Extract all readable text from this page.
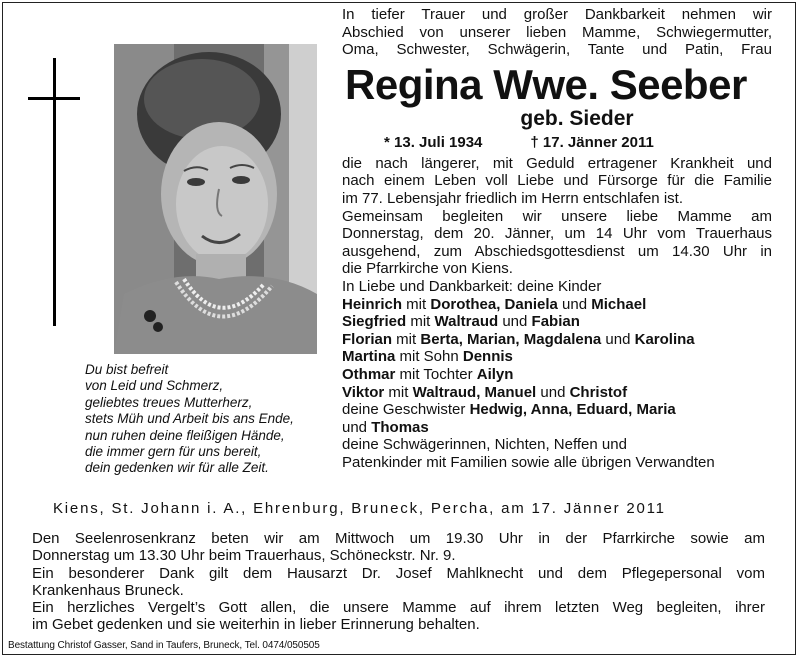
Du bist befreit
von Leid und Schmerz,
geliebtes treues Mutterherz,
stets Müh und Arbeit bis ans Ende,
nun ruhen deine fleißigen Hände,
die immer gern für uns bereit,
dein gedenken wir für alle Zeit.
In tiefer Trauer und großer Dankbarkeit nehmen wir
Abschied von unserer lieben Mamme, Schwiegermutter,
Oma, Schwester, Schwägerin, Tante und Patin, Frau
Regina Wwe. Seeber
geb. Sieder
* 13. Juli 1934	† 17. Jänner 2011
die nach längerer, mit Geduld ertragener Krankheit und
nach einem Leben voll Liebe und Fürsorge für die Familie
im 77. Lebensjahr friedlich im Herrn entschlafen ist.
Gemeinsam begleiten wir unsere liebe Mamme am
Donnerstag, dem 20. Jänner, um 14 Uhr vom Trauerhaus
ausgehend, zum Abschiedsgottesdienst um 14.30 Uhr in
die Pfarrkirche von Kiens.
In Liebe und Dankbarkeit: deine Kinder
Heinrich mit Dorothea, Daniela und Michael
Siegfried mit Waltraud und Fabian
Florian mit Berta, Marian, Magdalena und Karolina
Martina mit Sohn Dennis
Othmar mit Tochter Ailyn
Viktor mit Waltraud, Manuel und Christof
deine Geschwister Hedwig, Anna, Eduard, Maria
und Thomas
deine Schwägerinnen, Nichten, Neffen und
Patenkinder mit Familien sowie alle übrigen Verwandten
Kiens, St. Johann i. A., Ehrenburg, Bruneck, Percha, am 17. Jänner 2011
Den Seelenrosenkranz beten wir am Mittwoch um 19.30 Uhr in der Pfarrkirche sowie am
Donnerstag um 13.30 Uhr beim Trauerhaus, Schöneckstr. Nr. 9.
Ein besonderer Dank gilt dem Hausarzt Dr. Josef Mahlknecht und dem Pflegepersonal vom
Krankenhaus Bruneck.
Ein herzliches Vergelt’s Gott allen, die unsere Mamme auf ihrem letzten Weg begleiten, ihrer
im Gebet gedenken und sie weiterhin in lieber Erinnerung behalten.
Bestattung Christof Gasser, Sand in Taufers, Bruneck, Tel. 0474/050505
